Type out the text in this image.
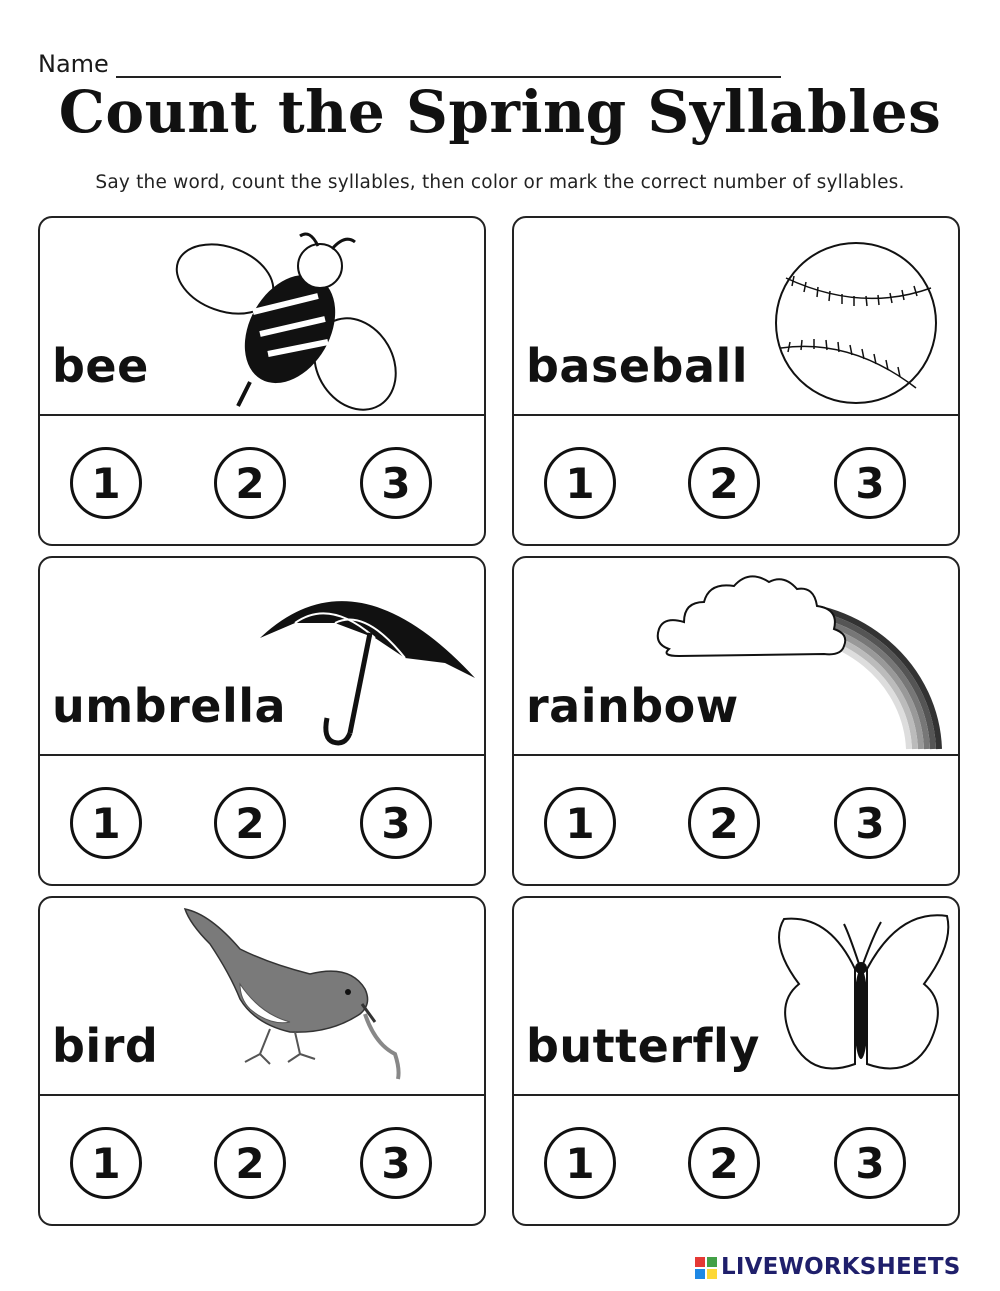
Name
Count the Spring Syllables
Say the word, count the syllables, then color or mark the correct number of syllables.
bee
1	2	3
baseball
1	2	3
umbrella
1	2	3
rainbow
1	2	3
bird
1	2	3
butterfly
1	2	3
LIVEWORKSHEETS
